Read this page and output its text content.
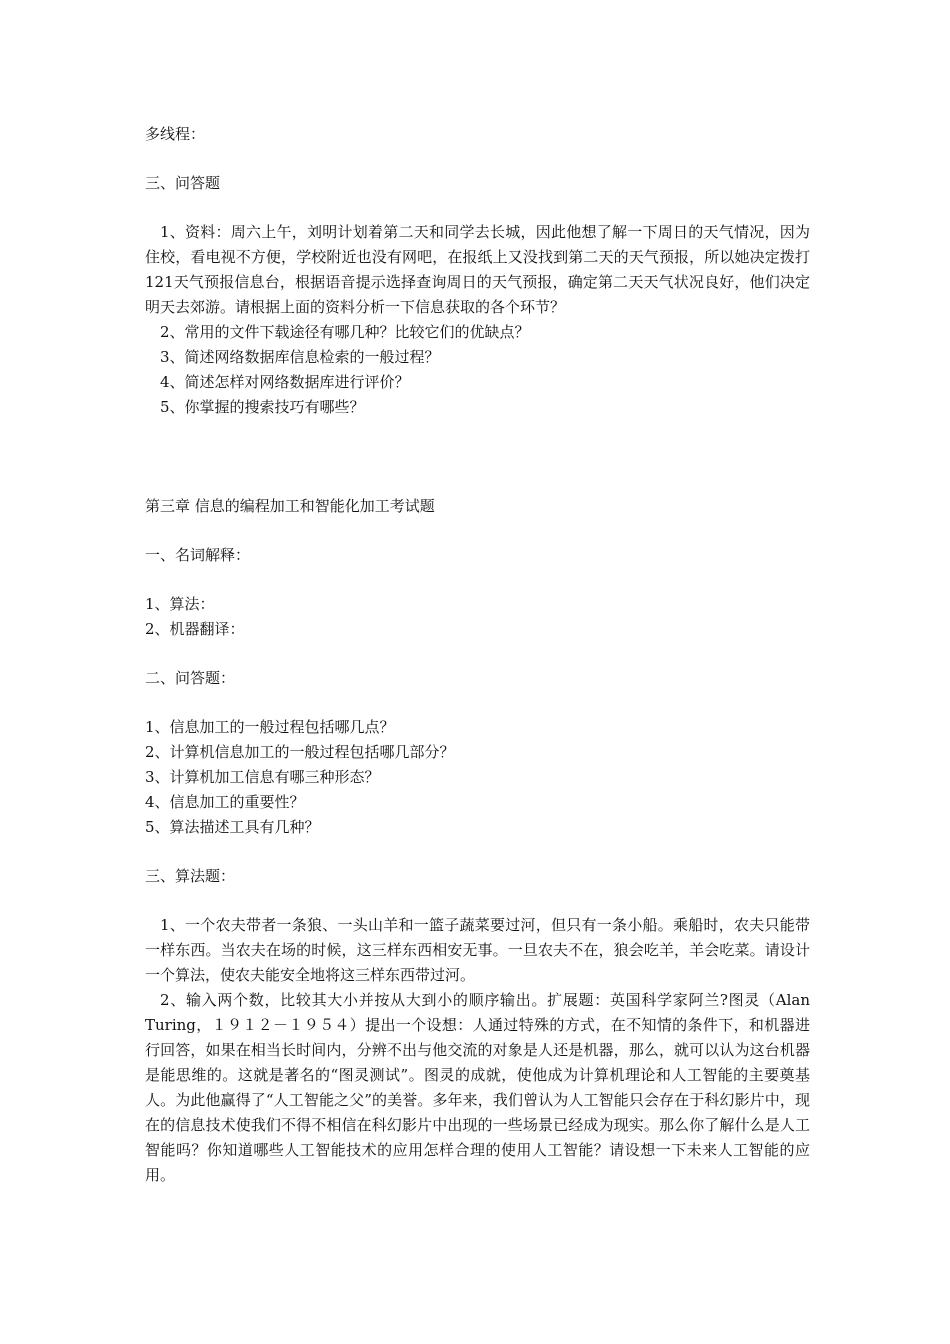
多线程：

三、问答题

1、资料：周六上午，刘明计划着第二天和同学去长城，因此他想了解一下周日的天气情况，因为住校，看电视不方便，学校附近也没有网吧，在报纸上又没找到第二天的天气预报，所以她决定拨打121天气预报信息台，根据语音提示选择查询周日的天气预报，确定第二天天气状况良好，他们决定明天去郊游。请根据上面的资料分析一下信息获取的各个环节？

2、常用的文件下载途径有哪几种？比较它们的优缺点？

3、简述网络数据库信息检索的一般过程？

4、简述怎样对网络数据库进行评价？

5、你掌握的搜索技巧有哪些？

第三章 信息的编程加工和智能化加工考试题

一、名词解释：

1、算法：

2、机器翻译：

二、问答题：

1、信息加工的一般过程包括哪几点？

2、计算机信息加工的一般过程包括哪几部分？

3、计算机加工信息有哪三种形态？

4、信息加工的重要性？

5、算法描述工具有几种？

三、算法题：

1、一个农夫带者一条狼、一头山羊和一篮子蔬菜要过河，但只有一条小船。乘船时，农夫只能带一样东西。当农夫在场的时候，这三样东西相安无事。一旦农夫不在，狼会吃羊，羊会吃菜。请设计一个算法，使农夫能安全地将这三样东西带过河。

2、输入两个数，比较其大小并按从大到小的顺序输出。扩展题：英国科学家阿兰?图灵（Alan Turing，１９１２－１９５４）提出一个设想：人通过特殊的方式，在不知情的条件下，和机器进行回答，如果在相当长时间内，分辨不出与他交流的对象是人还是机器，那么，就可以认为这台机器是能思维的。这就是著名的“图灵测试”。图灵的成就，使他成为计算机理论和人工智能的主要奠基人。为此他赢得了“人工智能之父”的美誉。多年来，我们曾认为人工智能只会存在于科幻影片中，现在的信息技术使我们不得不相信在科幻影片中出现的一些场景已经成为现实。那么你了解什么是人工智能吗？你知道哪些人工智能技术的应用怎样合理的使用人工智能？请设想一下未来人工智能的应用。
